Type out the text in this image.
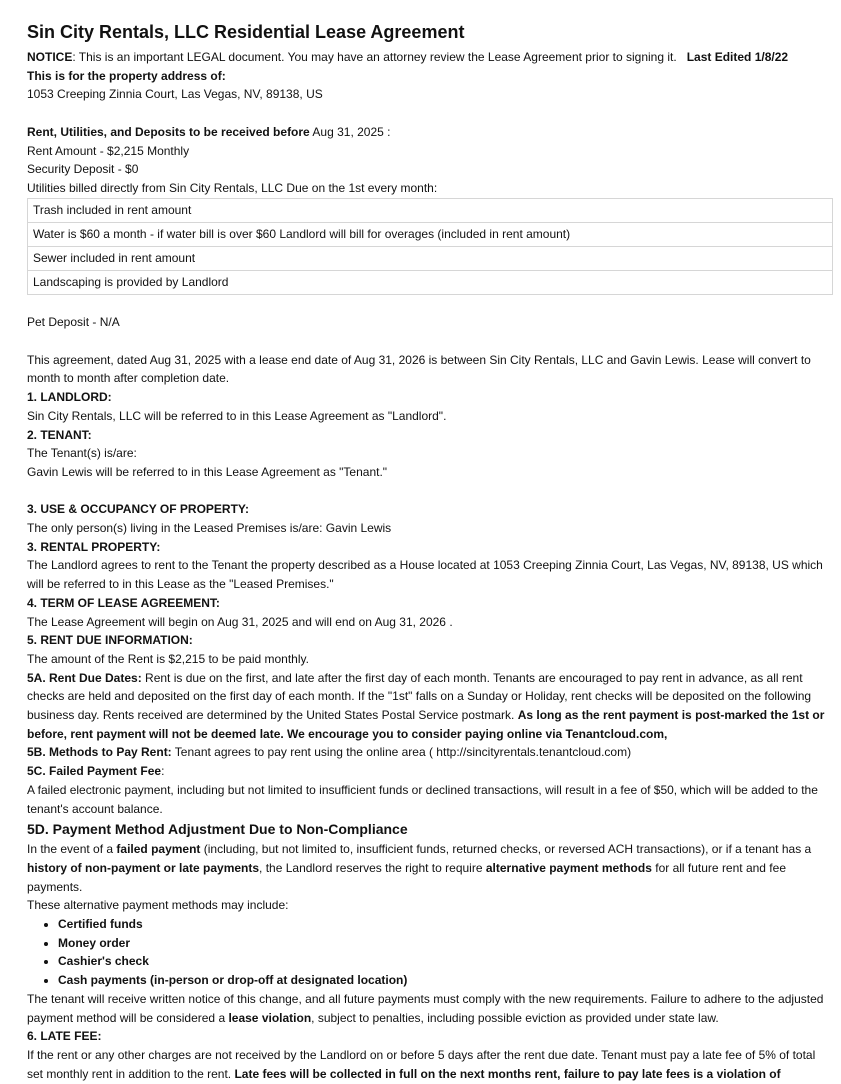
Sin City Rentals, LLC Residential Lease Agreement

NOTICE: This is an important LEGAL document. You may have an attorney review the Lease Agreement prior to signing it. Last Edited 1/8/22

This is for the property address of:

1053 Creeping Zinnia Court, Las Vegas, NV, 89138, US

Rent, Utilities, and Deposits to be received before Aug 31, 2025 :

Rent Amount - $2,215 Monthly

Security Deposit - $0

Utilities billed directly from Sin City Rentals, LLC Due on the 1st every month:

Trash included in rent amount
Water is $60 a month - if water bill is over $60 Landlord will bill for overages (included in rent amount)
Sewer included in rent amount
Landscaping is provided by Landlord

Pet Deposit - N/A

This agreement, dated Aug 31, 2025 with a lease end date of Aug 31, 2026 is between Sin City Rentals, LLC and Gavin Lewis. Lease will convert to month to month after completion date.

1. LANDLORD:

Sin City Rentals, LLC will be referred to in this Lease Agreement as "Landlord".

2. TENANT:

The Tenant(s) is/are:

Gavin Lewis will be referred to in this Lease Agreement as "Tenant."

3. USE & OCCUPANCY OF PROPERTY:

The only person(s) living in the Leased Premises is/are: Gavin Lewis

3. RENTAL PROPERTY:

The Landlord agrees to rent to the Tenant the property described as a House located at 1053 Creeping Zinnia Court, Las Vegas, NV, 89138, US which will be referred to in this Lease as the "Leased Premises."

4. TERM OF LEASE AGREEMENT:

The Lease Agreement will begin on Aug 31, 2025 and will end on Aug 31, 2026 .

5. RENT DUE INFORMATION:

The amount of the Rent is $2,215 to be paid monthly.

5A. Rent Due Dates: Rent is due on the first, and late after the first day of each month. Tenants are encouraged to pay rent in advance, as all rent checks are held and deposited on the first day of each month. If the "1st" falls on a Sunday or Holiday, rent checks will be deposited on the following business day. Rents received are determined by the United States Postal Service postmark. As long as the rent payment is post-marked the 1st or before, rent payment will not be deemed late. We encourage you to consider paying online via Tenantcloud.com,

5B. Methods to Pay Rent: Tenant agrees to pay rent using the online area ( http://sincityrentals.tenantcloud.com)

5C. Failed Payment Fee:

A failed electronic payment, including but not limited to insufficient funds or declined transactions, will result in a fee of $50, which will be added to the tenant's account balance.

5D. Payment Method Adjustment Due to Non-Compliance

In the event of a failed payment (including, but not limited to, insufficient funds, returned checks, or reversed ACH transactions), or if a tenant has a history of non-payment or late payments, the Landlord reserves the right to require alternative payment methods for all future rent and fee payments.

These alternative payment methods may include:

• Certified funds
• Money order
• Cashier's check
• Cash payments (in-person or drop-off at designated location)

The tenant will receive written notice of this change, and all future payments must comply with the new requirements. Failure to adhere to the adjusted payment method will be considered a lease violation, subject to penalties, including possible eviction as provided under state law.

6. LATE FEE:

If the rent or any other charges are not received by the Landlord on or before 5 days after the rent due date. Tenant must pay a late fee of 5% of total set monthly rent in addition to the rent. Late fees will be collected in full on the next months rent, failure to pay late fees is a violation of
